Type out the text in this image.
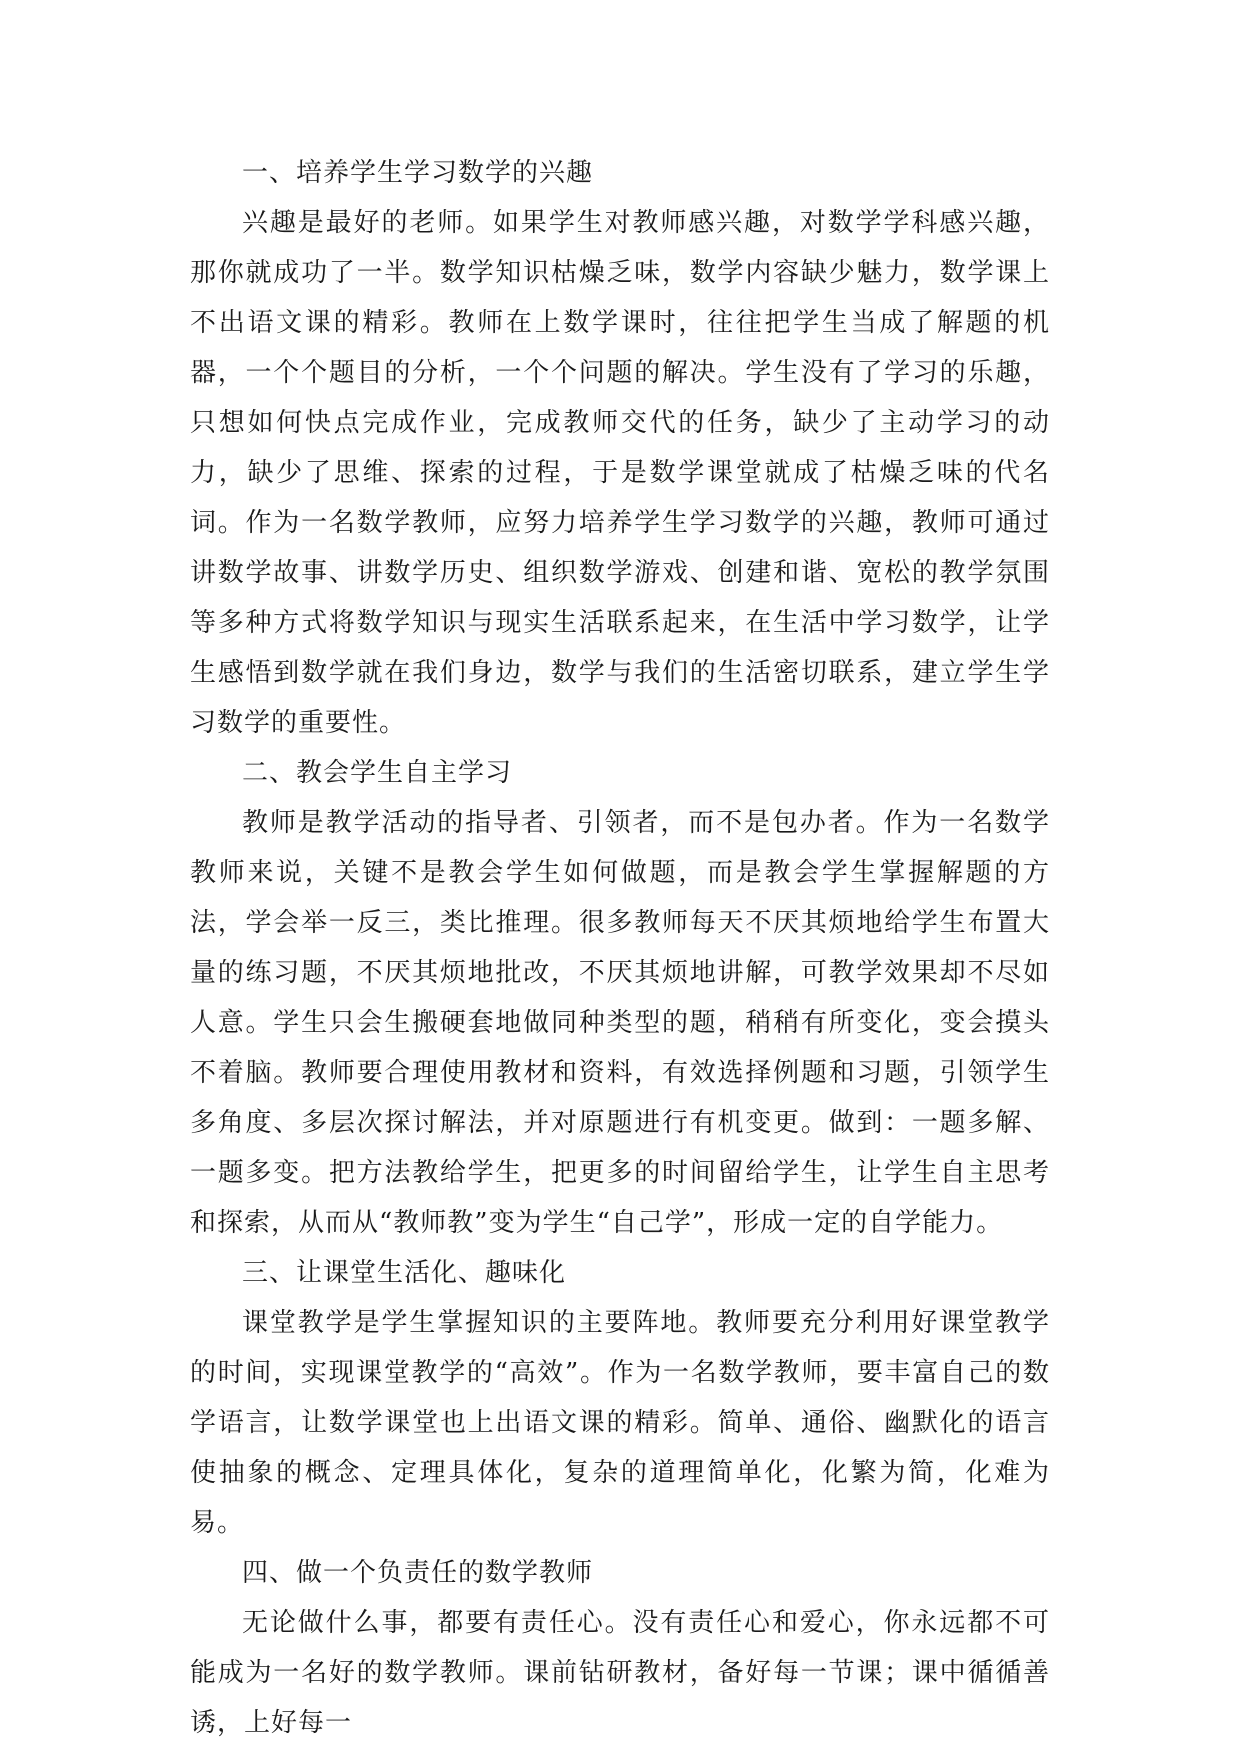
一、培养学生学习数学的兴趣

兴趣是最好的老师。如果学生对教师感兴趣，对数学学科感兴趣，那你就成功了一半。数学知识枯燥乏味，数学内容缺少魅力，数学课上不出语文课的精彩。教师在上数学课时，往往把学生当成了解题的机器，一个个题目的分析，一个个问题的解决。学生没有了学习的乐趣，只想如何快点完成作业，完成教师交代的任务，缺少了主动学习的动力，缺少了思维、探索的过程，于是数学课堂就成了枯燥乏味的代名词。作为一名数学教师，应努力培养学生学习数学的兴趣，教师可通过讲数学故事、讲数学历史、组织数学游戏、创建和谐、宽松的教学氛围等多种方式将数学知识与现实生活联系起来，在生活中学习数学，让学生感悟到数学就在我们身边，数学与我们的生活密切联系，建立学生学习数学的重要性。

二、教会学生自主学习

教师是教学活动的指导者、引领者，而不是包办者。作为一名数学教师来说，关键不是教会学生如何做题，而是教会学生掌握解题的方法，学会举一反三，类比推理。很多教师每天不厌其烦地给学生布置大量的练习题，不厌其烦地批改，不厌其烦地讲解，可教学效果却不尽如人意。学生只会生搬硬套地做同种类型的题，稍稍有所变化，变会摸头不着脑。教师要合理使用教材和资料，有效选择例题和习题，引领学生多角度、多层次探讨解法，并对原题进行有机变更。做到：一题多解、一题多变。把方法教给学生，把更多的时间留给学生，让学生自主思考和探索，从而从“教师教”变为学生“自己学”，形成一定的自学能力。

三、让课堂生活化、趣味化

课堂教学是学生掌握知识的主要阵地。教师要充分利用好课堂教学的时间，实现课堂教学的“高效”。作为一名数学教师，要丰富自己的数学语言，让数学课堂也上出语文课的精彩。简单、通俗、幽默化的语言使抽象的概念、定理具体化，复杂的道理简单化，化繁为简，化难为易。

四、做一个负责任的数学教师

无论做什么事，都要有责任心。没有责任心和爱心，你永远都不可能成为一名好的数学教师。课前钻研教材，备好每一节课；课中循循善诱，上好每一
